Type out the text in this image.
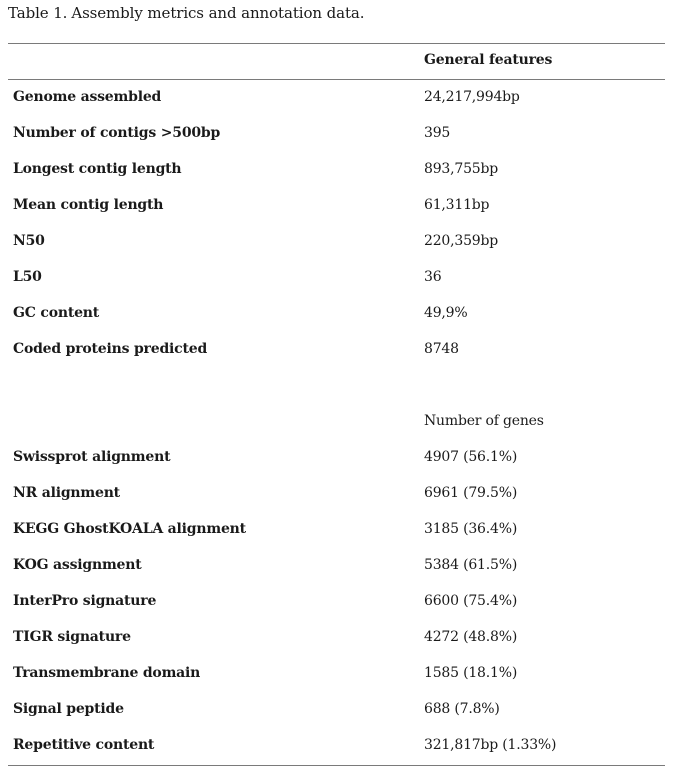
Table 1. Assembly metrics and annotation data.
General features
Genome assembled	24,217,994bp
Number of contigs >500bp	395
Longest contig length	893,755bp
Mean contig length	61,311bp
N50	220,359bp
L50	36
GC content	49,9%
Coded proteins predicted	8748
Number of genes
Swissprot alignment	4907 (56.1%)
NR alignment	6961 (79.5%)
KEGG GhostKOALA alignment	3185 (36.4%)
KOG assignment	5384 (61.5%)
InterPro signature	6600 (75.4%)
TIGR signature	4272 (48.8%)
Transmembrane domain	1585 (18.1%)
Signal peptide	688 (7.8%)
Repetitive content	321,817bp (1.33%)
